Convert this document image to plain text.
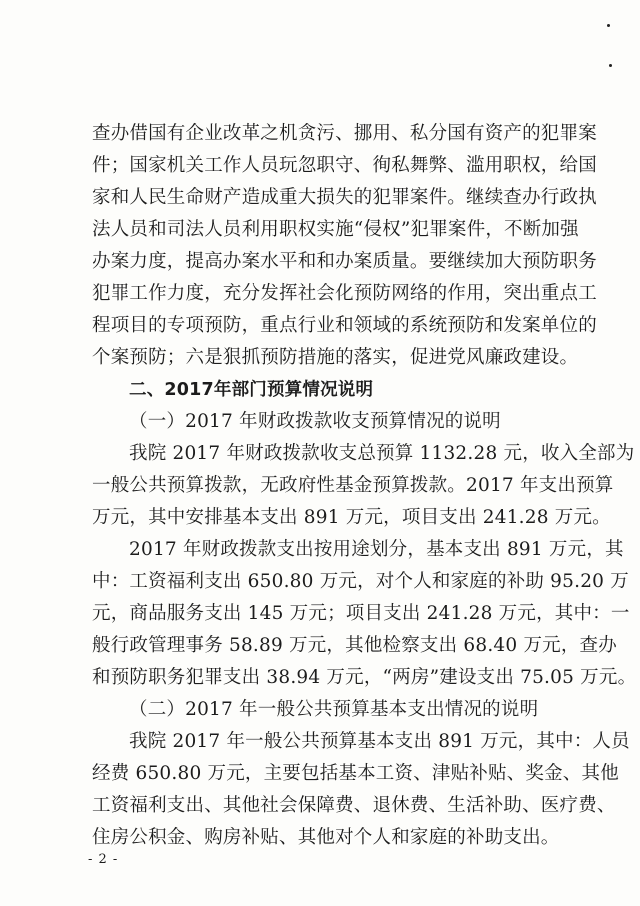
查办借国有企业改革之机贪污、挪用、私分国有资产的犯罪案
件；国家机关工作人员玩忽职守、徇私舞弊、滥用职权，给国
家和人民生命财产造成重大损失的犯罪案件。继续查办行政执
法人员和司法人员利用职权实施“侵权”犯罪案件，不断加强
办案力度，提高办案水平和和办案质量。要继续加大预防职务
犯罪工作力度，充分发挥社会化预防网络的作用，突出重点工
程项目的专项预防，重点行业和领域的系统预防和发案单位的
个案预防；六是狠抓预防措施的落实，促进党风廉政建设。
二、2017年部门预算情况说明
（一）2017 年财政拨款收支预算情况的说明
我院 2017 年财政拨款收支总预算 1132.28 元，收入全部为
一般公共预算拨款，无政府性基金预算拨款。2017 年支出预算
万元，其中安排基本支出 891 万元，项目支出 241.28 万元。
2017 年财政拨款支出按用途划分，基本支出 891 万元，其
中：工资福利支出 650.80 万元，对个人和家庭的补助 95.20 万
元，商品服务支出 145 万元；项目支出 241.28 万元，其中：一
般行政管理事务 58.89 万元，其他检察支出 68.40 万元，查办
和预防职务犯罪支出 38.94 万元，“两房”建设支出 75.05 万元。
（二）2017 年一般公共预算基本支出情况的说明
我院 2017 年一般公共预算基本支出 891 万元，其中：人员
经费 650.80 万元，主要包括基本工资、津贴补贴、奖金、其他
工资福利支出、其他社会保障费、退休费、生活补助、医疗费、
住房公积金、购房补贴、其他对个人和家庭的补助支出。
- 2 -
